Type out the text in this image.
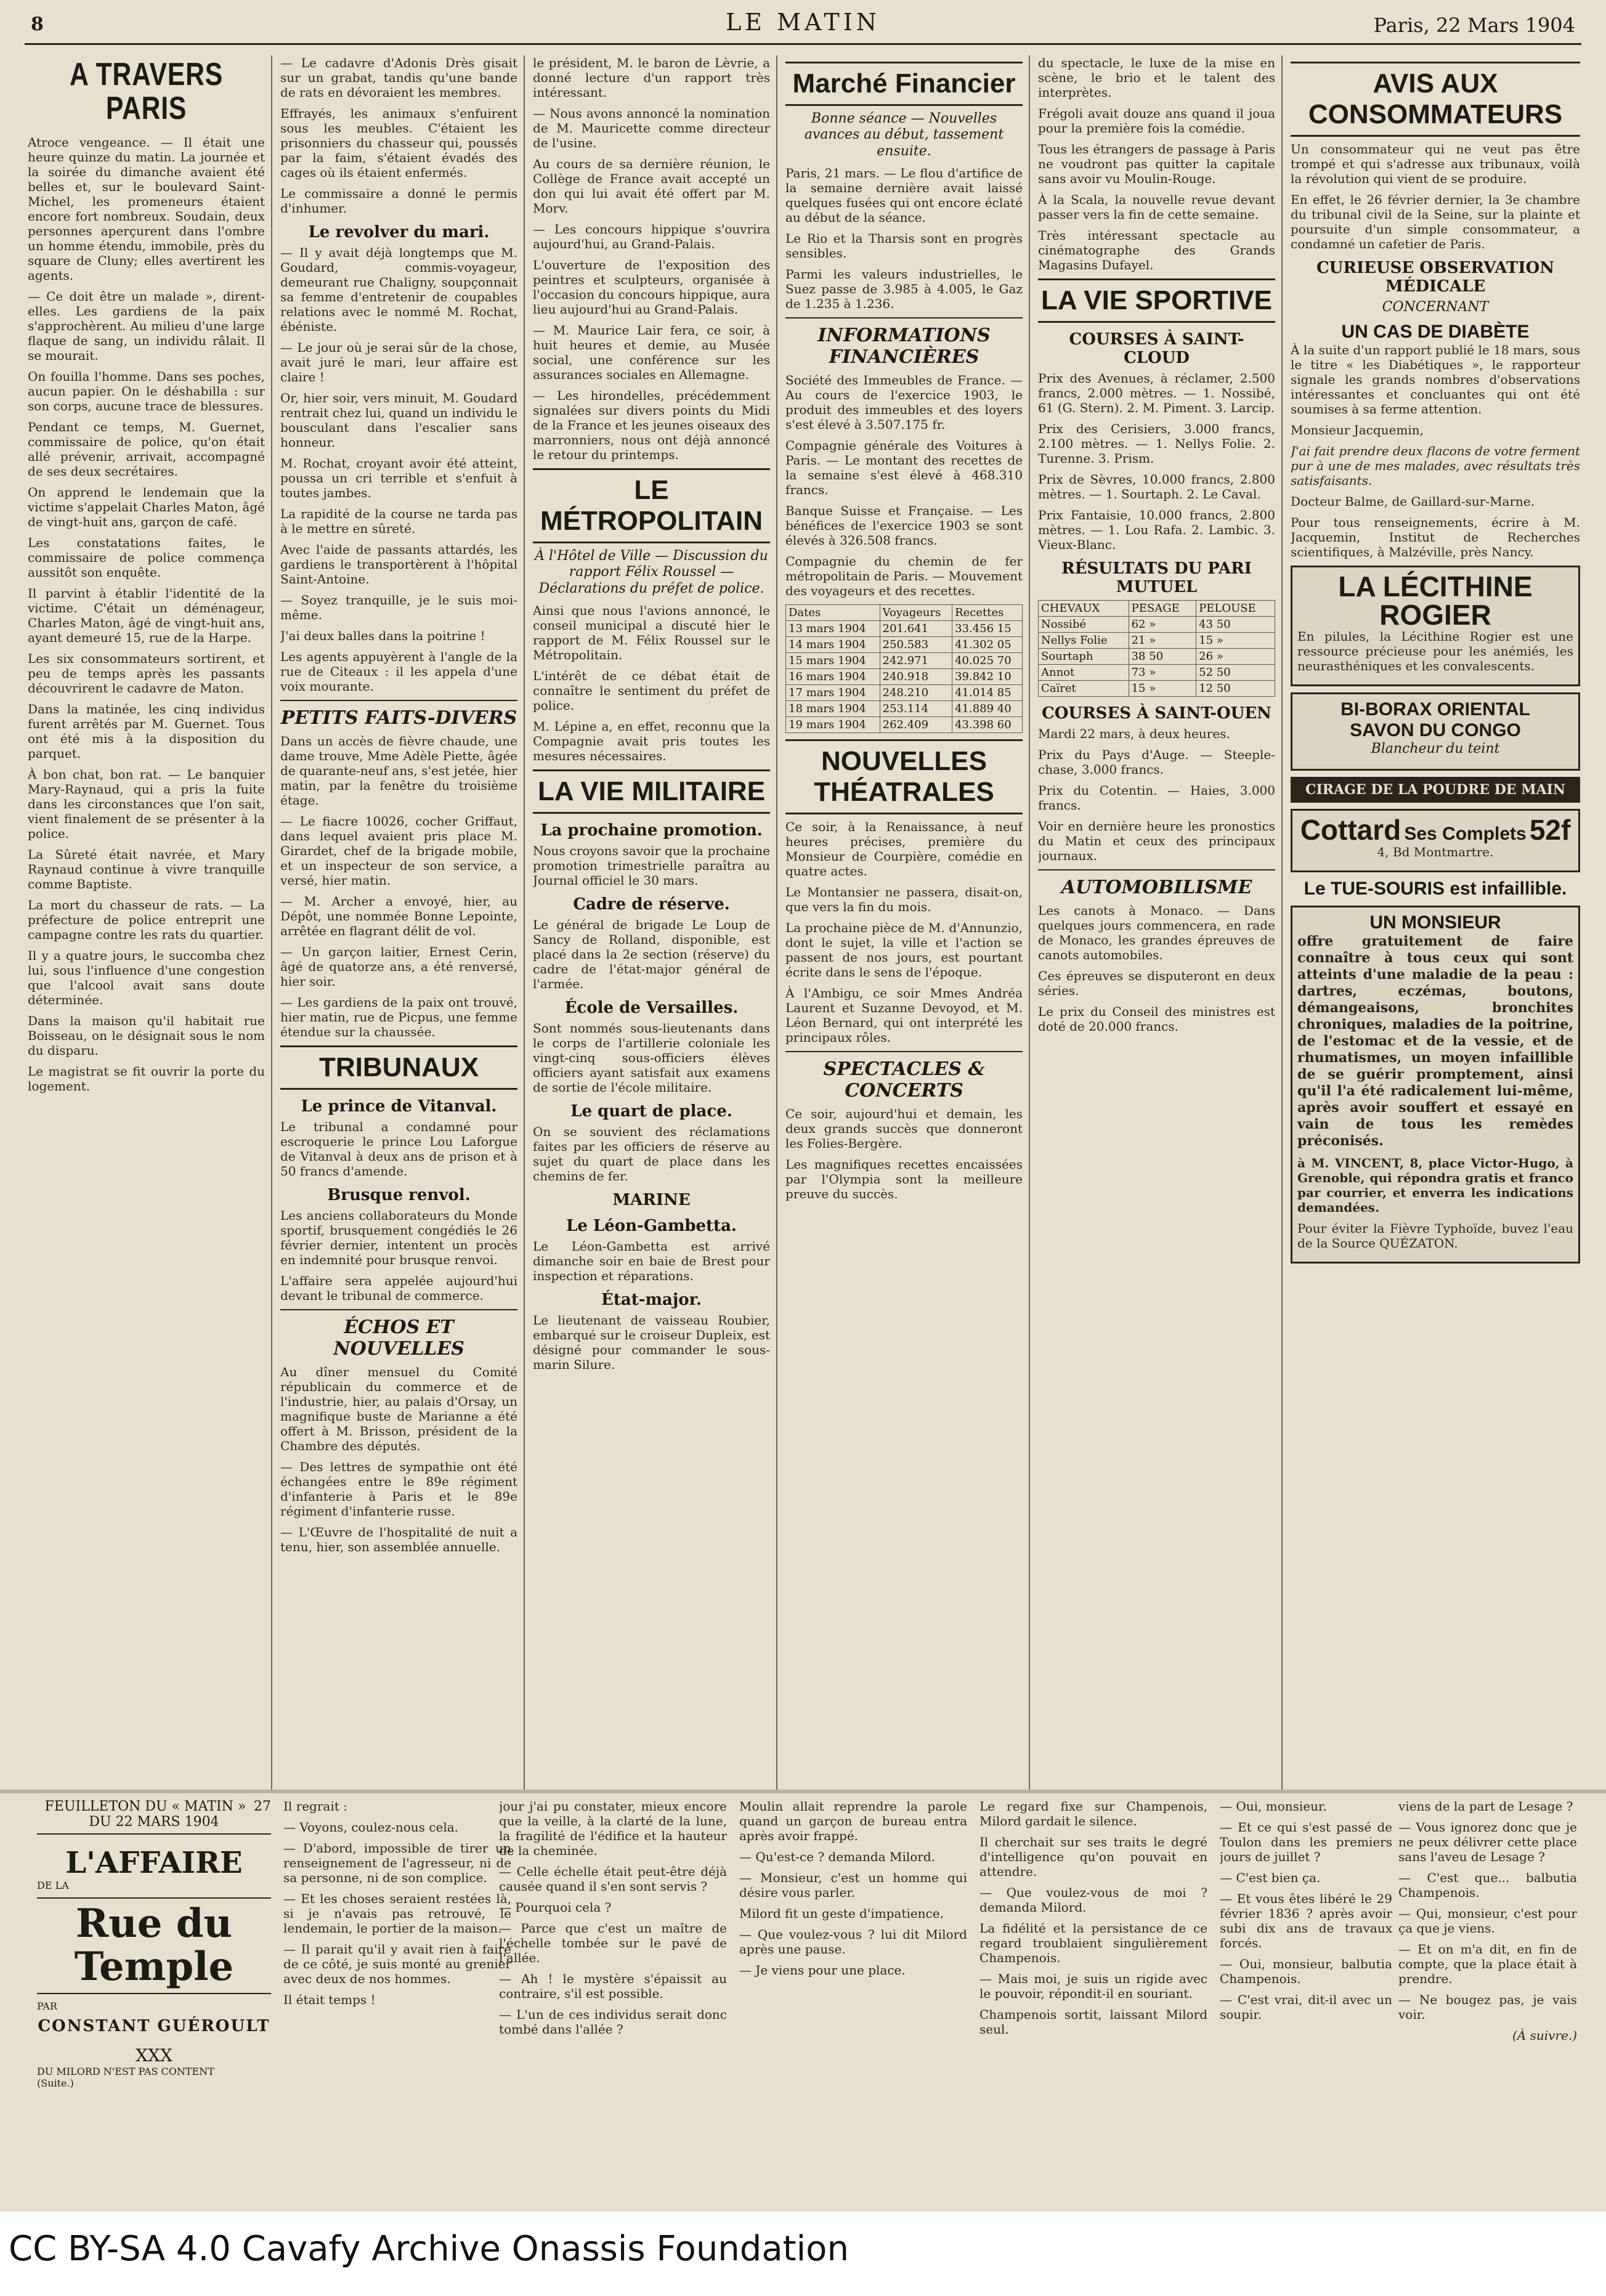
8	LE MATIN	Paris, 22 Mars 1904
A TRAVERS PARIS

Atroce vengeance. — Il était une heure quinze du matin. La journée et la soirée du dimanche avaient été belles et, sur le boulevard Saint-Michel, les promeneurs étaient encore fort nombreux. Soudain, deux personnes aperçurent dans l'ombre un homme étendu, immobile, près du square de Cluny; elles avertirent les agents.

— Ce doit être un malade », dirent-elles. Les gardiens de la paix s'approchèrent. Au milieu d'une large flaque de sang, un individu râlait. Il se mourait.

On fouilla l'homme. Dans ses poches, aucun papier. On le déshabilla : sur son corps, aucune trace de blessures.

Pendant ce temps, M. Guernet, commissaire de police, qu'on était allé prévenir, arrivait, accompagné de ses deux secrétaires.

On apprend le lendemain que la victime s'appelait Charles Maton, âgé de vingt-huit ans, garçon de café.

Les constatations faites, le commissaire de police commença aussitôt son enquête.

Il parvint à établir l'identité de la victime. C'était un déménageur, Charles Maton, âgé de vingt-huit ans, ayant demeuré 15, rue de la Harpe.

Les six consommateurs sortirent, et peu de temps après les passants découvrirent le cadavre de Maton.

Dans la matinée, les cinq individus furent arrêtés par M. Guernet. Tous ont été mis à la disposition du parquet.

À bon chat, bon rat. — Le banquier Mary-Raynaud, qui a pris la fuite dans les circonstances que l'on sait, vient finalement de se présenter à la police.

La Sûreté était navrée, et Mary Raynaud continue à vivre tranquille comme Baptiste.

La mort du chasseur de rats. — La préfecture de police entreprit une campagne contre les rats du quartier.

Il y a quatre jours, le succomba chez lui, sous l'influence d'une congestion que l'alcool avait sans doute déterminée.

Dans la maison qu'il habitait rue Boisseau, on le désignait sous le nom du disparu.

Le magistrat se fit ouvrir la porte du logement.

— Le cadavre d'Adonis Drès gisait sur un grabat, tandis qu'une bande de rats en dévoraient les membres.

Effrayés, les animaux s'enfuirent sous les meubles. C'étaient les prisonniers du chasseur qui, poussés par la faim, s'étaient évadés des cages où ils étaient enfermés.

Le commissaire a donné le permis d'inhumer.

Le revolver du mari.

— Il y avait déjà longtemps que M. Goudard, commis-voyageur, demeurant rue Chaligny, soupçonnait sa femme d'entretenir de coupables relations avec le nommé M. Rochat, ébéniste.

— Le jour où je serai sûr de la chose, avait juré le mari, leur affaire est claire !

Or, hier soir, vers minuit, M. Goudard rentrait chez lui, quand un individu le bousculant dans l'escalier sans honneur.

M. Rochat, croyant avoir été atteint, poussa un cri terrible et s'enfuit à toutes jambes.

La rapidité de la course ne tarda pas à le mettre en sûreté.

Avec l'aide de passants attardés, les gardiens le transportèrent à l'hôpital Saint-Antoine.

— Soyez tranquille, je le suis moi-même.

J'ai deux balles dans la poitrine !

Les agents appuyèrent à l'angle de la rue de Citeaux : il les appela d'une voix mourante.

PETITS FAITS-DIVERS

Dans un accès de fièvre chaude, une dame trouve, Mme Adèle Piette, âgée de quarante-neuf ans, s'est jetée, hier matin, par la fenêtre du troisième étage.

— Le fiacre 10026, cocher Griffaut, dans lequel avaient pris place M. Girardet, chef de la brigade mobile, et un inspecteur de son service, a versé, hier matin.

— M. Archer a envoyé, hier, au Dépôt, une nommée Bonne Lepointe, arrêtée en flagrant délit de vol.

— Un garçon laitier, Ernest Cerin, âgé de quatorze ans, a été renversé, hier soir.

— Les gardiens de la paix ont trouvé, hier matin, rue de Picpus, une femme étendue sur la chaussée.

TRIBUNAUX
Le prince de Vitanval.

Le tribunal a condamné pour escroquerie le prince Lou Laforgue de Vitanval à deux ans de prison et à 50 francs d'amende.

Brusque renvol.

Les anciens collaborateurs du Monde sportif, brusquement congédiés le 26 février dernier, intentent un procès en indemnité pour brusque renvoi.

L'affaire sera appelée aujourd'hui devant le tribunal de commerce.

ÉCHOS ET NOUVELLES

Au dîner mensuel du Comité républicain du commerce et de l'industrie, hier, au palais d'Orsay, un magnifique buste de Marianne a été offert à M. Brisson, président de la Chambre des députés.

— Des lettres de sympathie ont été échangées entre le 89e régiment d'infanterie à Paris et le 89e régiment d'infanterie russe.

— L'Œuvre de l'hospitalité de nuit a tenu, hier, son assemblée annuelle.

le président, M. le baron de Lèvrie, a donné lecture d'un rapport très intéressant.

— Nous avons annoncé la nomination de M. Mauricette comme directeur de l'usine.

Au cours de sa dernière réunion, le Collège de France avait accepté un don qui lui avait été offert par M. Morv.

— Les concours hippique s'ouvrira aujourd'hui, au Grand-Palais.

L'ouverture de l'exposition des peintres et sculpteurs, organisée à l'occasion du concours hippique, aura lieu aujourd'hui au Grand-Palais.

— M. Maurice Lair fera, ce soir, à huit heures et demie, au Musée social, une conférence sur les assurances sociales en Allemagne.

— Les hirondelles, précédemment signalées sur divers points du Midi de la France et les jeunes oiseaux des marronniers, nous ont déjà annoncé le retour du printemps.

LE MÉTROPOLITAIN
À l'Hôtel de Ville — Discussion du rapport Félix Roussel — Déclarations du préfet de police.

Ainsi que nous l'avions annoncé, le conseil municipal a discuté hier le rapport de M. Félix Roussel sur le Métropolitain.

L'intérêt de ce débat était de connaître le sentiment du préfet de police.

M. Lépine a, en effet, reconnu que la Compagnie avait pris toutes les mesures nécessaires.

LA VIE MILITAIRE
La prochaine promotion.

Nous croyons savoir que la prochaine promotion trimestrielle paraîtra au Journal officiel le 30 mars.

Cadre de réserve.

Le général de brigade Le Loup de Sancy de Rolland, disponible, est placé dans la 2e section (réserve) du cadre de l'état-major général de l'armée.

École de Versailles.

Sont nommés sous-lieutenants dans le corps de l'artillerie coloniale les vingt-cinq sous-officiers élèves officiers ayant satisfait aux examens de sortie de l'école militaire.

Le quart de place.

On se souvient des réclamations faites par les officiers de réserve au sujet du quart de place dans les chemins de fer.

MARINE
Le Léon-Gambetta.

Le Léon-Gambetta est arrivé dimanche soir en baie de Brest pour inspection et réparations.

État-major.

Le lieutenant de vaisseau Roubier, embarqué sur le croiseur Dupleix, est désigné pour commander le sous-marin Silure.

Marché Financier
Bonne séance — Nouvelles avances au début, tassement ensuite.

Paris, 21 mars. — Le flou d'artifice de la semaine dernière avait laissé quelques fusées qui ont encore éclaté au début de la séance.

Le Rio et la Tharsis sont en progrès sensibles.

Parmi les valeurs industrielles, le Suez passe de 3.985 à 4.005, le Gaz de 1.235 à 1.236.

INFORMATIONS FINANCIÈRES

Société des Immeubles de France. — Au cours de l'exercice 1903, le produit des immeubles et des loyers s'est élevé à 3.507.175 fr.

Compagnie générale des Voitures à Paris. — Le montant des recettes de la semaine s'est élevé à 468.310 francs.

Banque Suisse et Française. — Les bénéfices de l'exercice 1903 se sont élevés à 326.508 francs.

Compagnie du chemin de fer métropolitain de Paris. — Mouvement des voyageurs et des recettes.

Dates	Voyageurs	Recettes
13 mars 1904	201.641	33.456 15
14 mars 1904	250.583	41.302 05
15 mars 1904	242.971	40.025 70
16 mars 1904	240.918	39.842 10
17 mars 1904	248.210	41.014 85
18 mars 1904	253.114	41.889 40
19 mars 1904	262.409	43.398 60
NOUVELLES THÉATRALES

Ce soir, à la Renaissance, à neuf heures précises, première du Monsieur de Courpière, comédie en quatre actes.

Le Montansier ne passera, disait-on, que vers la fin du mois.

La prochaine pièce de M. d'Annunzio, dont le sujet, la ville et l'action se passent de nos jours, est pourtant écrite dans le sens de l'époque.

À l'Ambigu, ce soir Mmes Andréa Laurent et Suzanne Devoyod, et M. Léon Bernard, qui ont interprété les principaux rôles.

SPECTACLES & CONCERTS

Ce soir, aujourd'hui et demain, les deux grands succès que donneront les Folies-Bergère.

Les magnifiques recettes encaissées par l'Olympia sont la meilleure preuve du succès.

du spectacle, le luxe de la mise en scène, le brio et le talent des interprètes.

Frégoli avait douze ans quand il joua pour la première fois la comédie.

Tous les étrangers de passage à Paris ne voudront pas quitter la capitale sans avoir vu Moulin-Rouge.

À la Scala, la nouvelle revue devant passer vers la fin de cette semaine.

Très intéressant spectacle au cinématographe des Grands Magasins Dufayel.

LA VIE SPORTIVE
COURSES À SAINT-CLOUD

Prix des Avenues, à réclamer, 2.500 francs, 2.000 mètres. — 1. Nossibé, 61 (G. Stern). 2. M. Piment. 3. Larcip.

Prix des Cerisiers, 3.000 francs, 2.100 mètres. — 1. Nellys Folie. 2. Turenne. 3. Prism.

Prix de Sèvres, 10.000 francs, 2.800 mètres. — 1. Sourtaph. 2. Le Caval.

Prix Fantaisie, 10.000 francs, 2.800 mètres. — 1. Lou Rafa. 2. Lambic. 3. Vieux-Blanc.

RÉSULTATS DU PARI MUTUEL
CHEVAUX	PESAGE	PELOUSE
Nossibé	62 »	43 50
Nellys Folie	21 »	15 »
Sourtaph	38 50	26 »
Annot	73 »	52 50
Caïret	15 »	12 50
COURSES À SAINT-OUEN

Mardi 22 mars, à deux heures.

Prix du Pays d'Auge. — Steeple-chase, 3.000 francs.

Prix du Cotentin. — Haies, 3.000 francs.

Voir en dernière heure les pronostics du Matin et ceux des principaux journaux.

AUTOMOBILISME

Les canots à Monaco. — Dans quelques jours commencera, en rade de Monaco, les grandes épreuves de canots automobiles.

Ces épreuves se disputeront en deux séries.

Le prix du Conseil des ministres est doté de 20.000 francs.

AVIS AUX CONSOMMATEURS

Un consommateur qui ne veut pas être trompé et qui s'adresse aux tribunaux, voilà la révolution qui vient de se produire.

En effet, le 26 février dernier, la 3e chambre du tribunal civil de la Seine, sur la plainte et poursuite d'un simple consommateur, a condamné un cafetier de Paris.

CURIEUSE OBSERVATION MÉDICALE
CONCERNANT
UN CAS DE DIABÈTE

À la suite d'un rapport publié le 18 mars, sous le titre « les Diabétiques », le rapporteur signale les grands nombres d'observations intéressantes et concluantes qui ont été soumises à sa ferme attention.

Monsieur Jacquemin,

J'ai fait prendre deux flacons de votre ferment pur à une de mes malades, avec résultats très satisfaisants.

Docteur Balme, de Gaillard-sur-Marne.

Pour tous renseignements, écrire à M. Jacquemin, Institut de Recherches scientifiques, à Malzéville, près Nancy.

LA LÉCITHINE ROGIER

En pilules, la Lécithine Rogier est une ressource précieuse pour les anémiés, les neurasthéniques et les convalescents.

BI-BORAX ORIENTAL
SAVON DU CONGO
Blancheur du teint
CIRAGE DE LA POUDRE DE MAIN
Cottard Ses Complets 52f
4, Bd Montmartre.
Le TUE-SOURIS est infaillible.
UN MONSIEUR

offre gratuitement de faire connaître à tous ceux qui sont atteints d'une maladie de la peau : dartres, eczémas, boutons, démangeaisons, bronchites chroniques, maladies de la poitrine, de l'estomac et de la vessie, et de rhumatismes, un moyen infaillible de se guérir promptement, ainsi qu'il l'a été radicalement lui-même, après avoir souffert et essayé en vain de tous les remèdes préconisés.

à M. VINCENT, 8, place Victor-Hugo, à Grenoble, qui répondra gratis et franco par courrier, et enverra les indications demandées.

Pour éviter la Fièvre Typhoïde, buvez l'eau de la Source QUÉZATON.

FEUILLETON DU « MATIN » 27
DU 22 MARS 1904
L'AFFAIRE
DE LA
Rue du Temple
PAR
CONSTANT GUÉROULT
XXX
DU MILORD N'EST PAS CONTENT
(Suite.)

Il regrait :

— Voyons, coulez-nous cela.

— D'abord, impossible de tirer un renseignement de l'agresseur, ni de sa personne, ni de son complice.

— Et les choses seraient restées là, si je n'avais pas retrouvé, le lendemain, le portier de la maison.

— Il parait qu'il y avait rien à faire de ce côté, je suis monté au grenier avec deux de nos hommes.

Il était temps !

jour j'ai pu constater, mieux encore que la veille, à la clarté de la lune, la fragilité de l'édifice et la hauteur de la cheminée.

— Celle échelle était peut-être déjà causée quand il s'en sont servis ?

— Pourquoi cela ?

— Parce que c'est un maître de l'échelle tombée sur le pavé de l'allée.

— Ah ! le mystère s'épaissit au contraire, s'il est possible.

— L'un de ces individus serait donc tombé dans l'allée ?

Moulin allait reprendre la parole quand un garçon de bureau entra après avoir frappé.

— Qu'est-ce ? demanda Milord.

— Monsieur, c'est un homme qui désire vous parler.

Milord fit un geste d'impatience.

— Que voulez-vous ? lui dit Milord après une pause.

— Je viens pour une place.

Le regard fixe sur Champenois, Milord gardait le silence.

Il cherchait sur ses traits le degré d'intelligence qu'on pouvait en attendre.

— Que voulez-vous de moi ? demanda Milord.

La fidélité et la persistance de ce regard troublaient singulièrement Champenois.

— Mais moi, je suis un rigide avec le pouvoir, répondit-il en souriant.

Champenois sortit, laissant Milord seul.

— Oui, monsieur.

— Et ce qui s'est passé de Toulon dans les premiers jours de juillet ?

— C'est bien ça.

— Et vous êtes libéré le 29 février 1836 ? après avoir subi dix ans de travaux forcés.

— Oui, monsieur, balbutia Champenois.

— C'est vrai, dit-il avec un soupir.

viens de la part de Lesage ?

— Vous ignorez donc que je ne peux délivrer cette place sans l'aveu de Lesage ?

— C'est que... balbutia Champenois.

— Qui, monsieur, c'est pour ça que je viens.

— Et on m'a dit, en fin de compte, que la place était à prendre.

— Ne bougez pas, je vais voir.

(À suivre.)

CC BY-SA 4.0 Cavafy Archive Onassis Foundation
